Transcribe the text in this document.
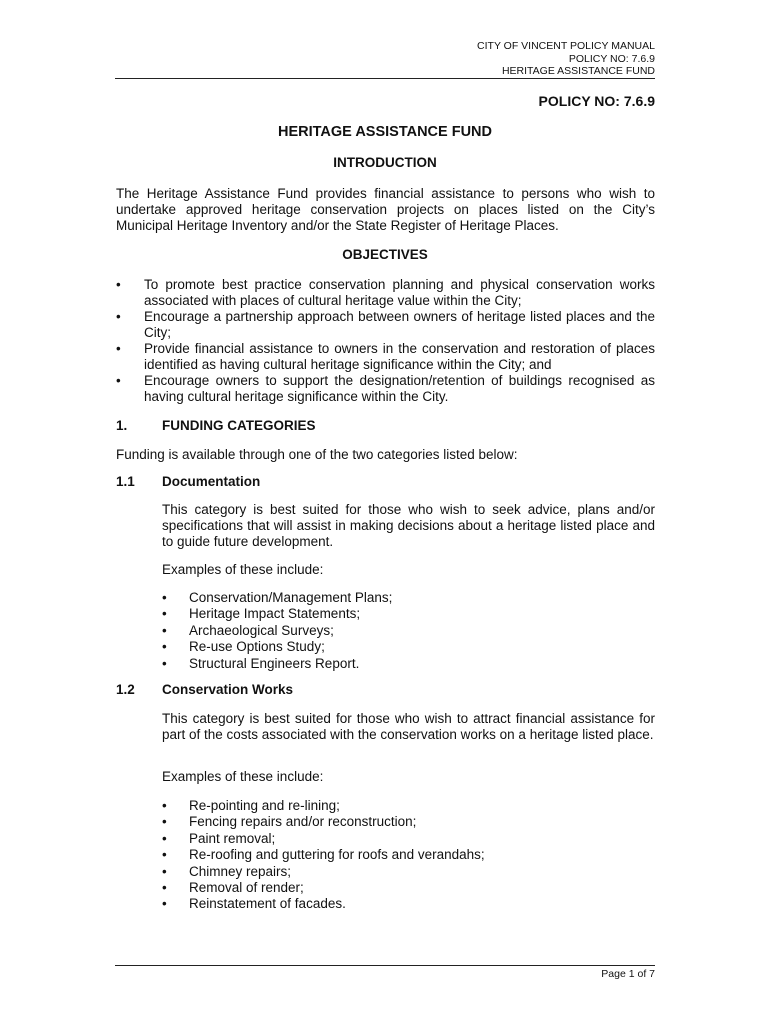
CITY OF VINCENT POLICY MANUAL
POLICY NO: 7.6.9
HERITAGE ASSISTANCE FUND
POLICY NO: 7.6.9
HERITAGE ASSISTANCE FUND
INTRODUCTION
The Heritage Assistance Fund provides financial assistance to persons who wish to undertake approved heritage conservation projects on places listed on the City’s Municipal Heritage Inventory and/or the State Register of Heritage Places.
OBJECTIVES
• To promote best practice conservation planning and physical conservation works associated with places of cultural heritage value within the City;
• Encourage a partnership approach between owners of heritage listed places and the City;
• Provide financial assistance to owners in the conservation and restoration of places identified as having cultural heritage significance within the City; and
• Encourage owners to support the designation/retention of buildings recognised as having cultural heritage significance within the City.
1.	FUNDING CATEGORIES
Funding is available through one of the two categories listed below:
1.1 Documentation
This category is best suited for those who wish to seek advice, plans and/or specifications that will assist in making decisions about a heritage listed place and to guide future development.
Examples of these include:
• Conservation/Management Plans;
• Heritage Impact Statements;
• Archaeological Surveys;
• Re-use Options Study;
• Structural Engineers Report.
1.2 Conservation Works
This category is best suited for those who wish to attract financial assistance for part of the costs associated with the conservation works on a heritage listed place.
Examples of these include:
• Re-pointing and re-lining;
• Fencing repairs and/or reconstruction;
• Paint removal;
• Re-roofing and guttering for roofs and verandahs;
• Chimney repairs;
• Removal of render;
• Reinstatement of facades.
Page 1 of 7
